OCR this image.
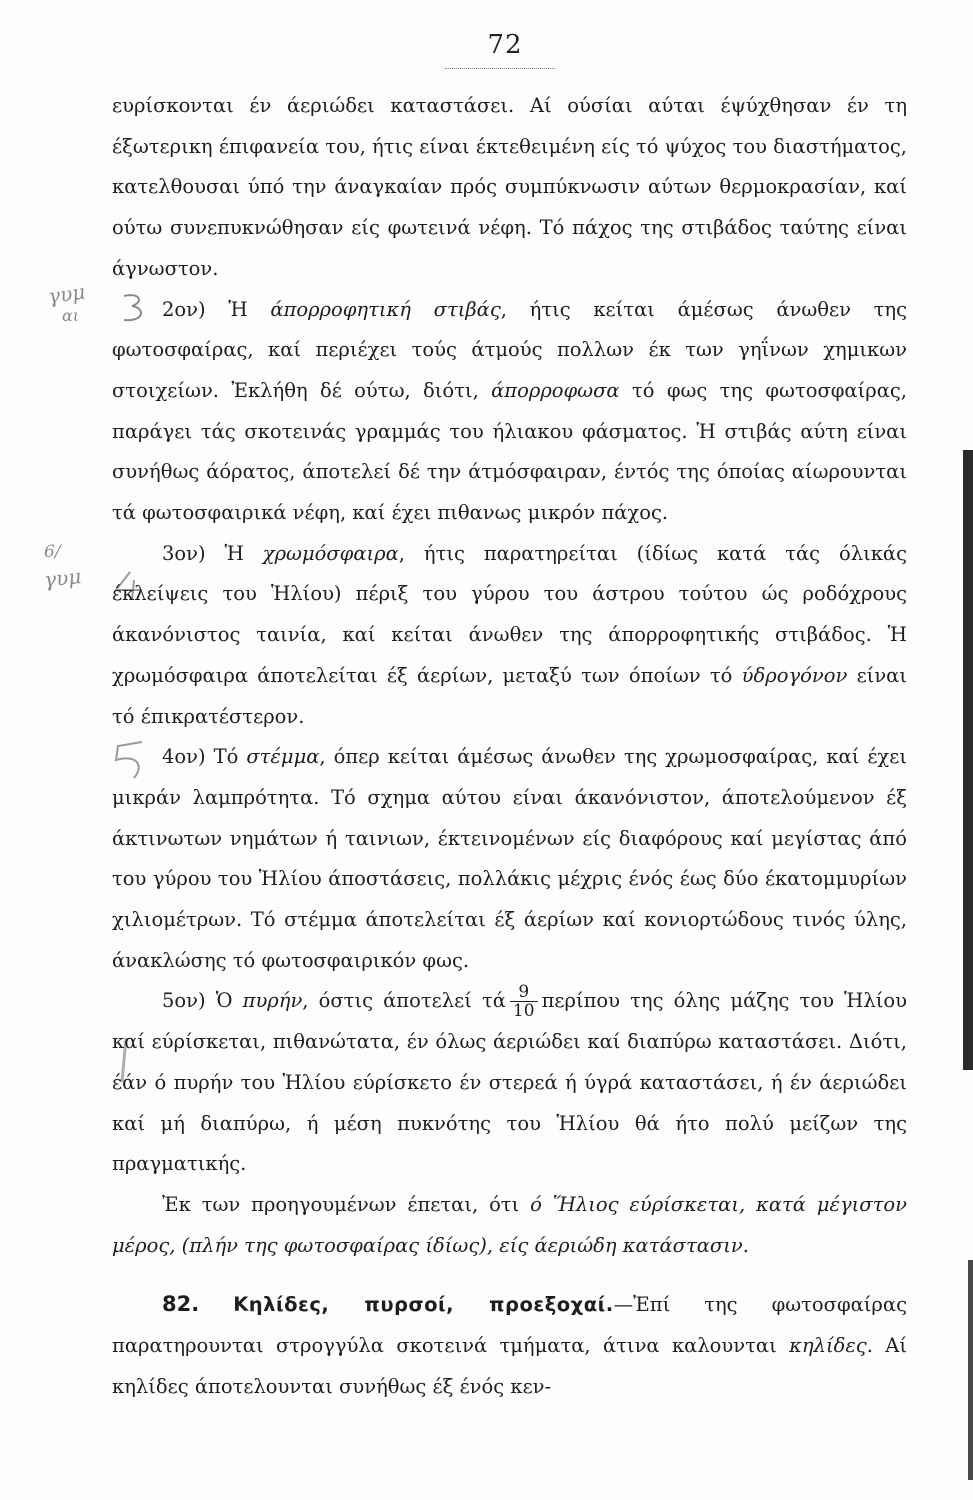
72
γυμ
αι
6/
γυμ

ευρίσκονται έν άεριώδει καταστάσει. Αί ούσίαι αύται έψύχθησαν έν τη έξωτερικη έπιφανεία του, ήτις είναι έκτεθειμένη είς τό ψύχος του διαστήματος, κατελθουσαι ύπό την άναγκαίαν πρός συμπύκνωσιν αύτων θερμοκρασίαν, καί ούτω συνεπυκνώθησαν είς φωτεινά νέφη. Τό πάχος της στιβάδος ταύτης είναι άγνωστον.

2ον) Ἡ άπορροφητική στιβάς, ήτις κείται άμέσως άνωθεν της φωτοσφαίρας, καί περιέχει τούς άτμούς πολλων έκ των γηΐνων χημικων στοιχείων. Ἐκλήθη δέ ούτω, διότι, άπορροφωσα τό φως της φωτοσφαίρας, παράγει τάς σκοτεινάς γραμμάς του ήλιακου φάσματος. Ἡ στιβάς αύτη είναι συνήθως άόρατος, άποτελεί δέ την άτμόσφαιραν, έντός της όποίας αίωρουνται τά φωτοσφαιρικά νέφη, καί έχει πιθανως μικρόν πάχος.

3ον) Ἡ χρωμόσφαιρα, ήτις παρατηρείται (ίδίως κατά τάς όλικάς έκλείψεις του Ἡλίου) πέριξ του γύρου του άστρου τούτου ώς ροδόχρους άκανόνιστος ταινία, καί κείται άνωθεν της άπορροφητικής στιβάδος. Ἡ χρωμόσφαιρα άποτελείται έξ άερίων, μεταξύ των όποίων τό ύδρογόνον είναι τό έπικρατέστερον.

4ον) Τό στέμμα, όπερ κείται άμέσως άνωθεν της χρωμοσφαίρας, καί έχει μικράν λαμπρότητα. Τό σχημα αύτου είναι άκανόνιστον, άποτελούμενον έξ άκτινωτων νημάτων ή ταινιων, έκτεινομένων είς διαφόρους καί μεγίστας άπό του γύρου του Ἡλίου άποστάσεις, πολλάκις μέχρις ένός έως δύο έκατομμυρίων χιλιομέτρων. Τό στέμμα άποτελείται έξ άερίων καί κονιορτώδους τινός ύλης, άνακλώσης τό φωτοσφαιρικόν φως.

5ον) Ὁ πυρήν, όστις άποτελεί τά $\frac{9}{10}$ περίπου της όλης μάζης του Ἡλίου καί εύρίσκεται, πιθανώτατα, έν όλως άεριώδει καί διαπύρω καταστάσει. Διότι, έάν ό πυρήν του Ἡλίου εύρίσκετο έν στερεά ή ύγρά καταστάσει, ή έν άεριώδει καί μή διαπύρω, ή μέση πυκνότης του Ἡλίου θά ήτο πολύ μείζων της πραγματικής.

Ἐκ των προηγουμένων έπεται, ότι ό Ἥλιος εύρίσκεται, κατά μέγιστον μέρος, (πλήν της φωτοσφαίρας ίδίως), είς άεριώδη κατάστασιν.

82. Κηλίδες, πυρσοί, προεξοχαί.—Ἐπί της φωτοσφαίρας παρατηρουνται στρογγύλα σκοτεινά τμήματα, άτινα καλουνται κηλίδες. Αί κηλίδες άποτελουνται συνήθως έξ ένός κεν-
